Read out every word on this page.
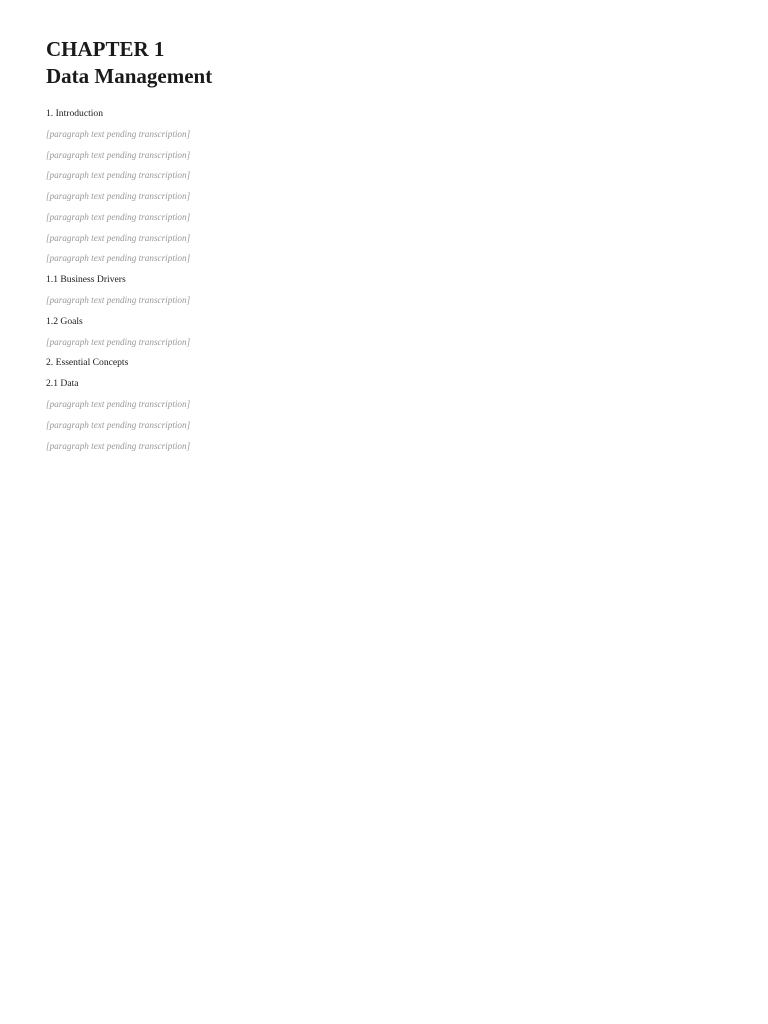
CHAPTER 1
Data Management
1. Introduction

[paragraph text pending transcription]

[paragraph text pending transcription]

[paragraph text pending transcription]

[paragraph text pending transcription]

[paragraph text pending transcription]

[paragraph text pending transcription]

[paragraph text pending transcription]

1.1 Business Drivers

[paragraph text pending transcription]

1.2 Goals

[paragraph text pending transcription]

2. Essential Concepts
2.1 Data

[paragraph text pending transcription]

[paragraph text pending transcription]

[paragraph text pending transcription]
